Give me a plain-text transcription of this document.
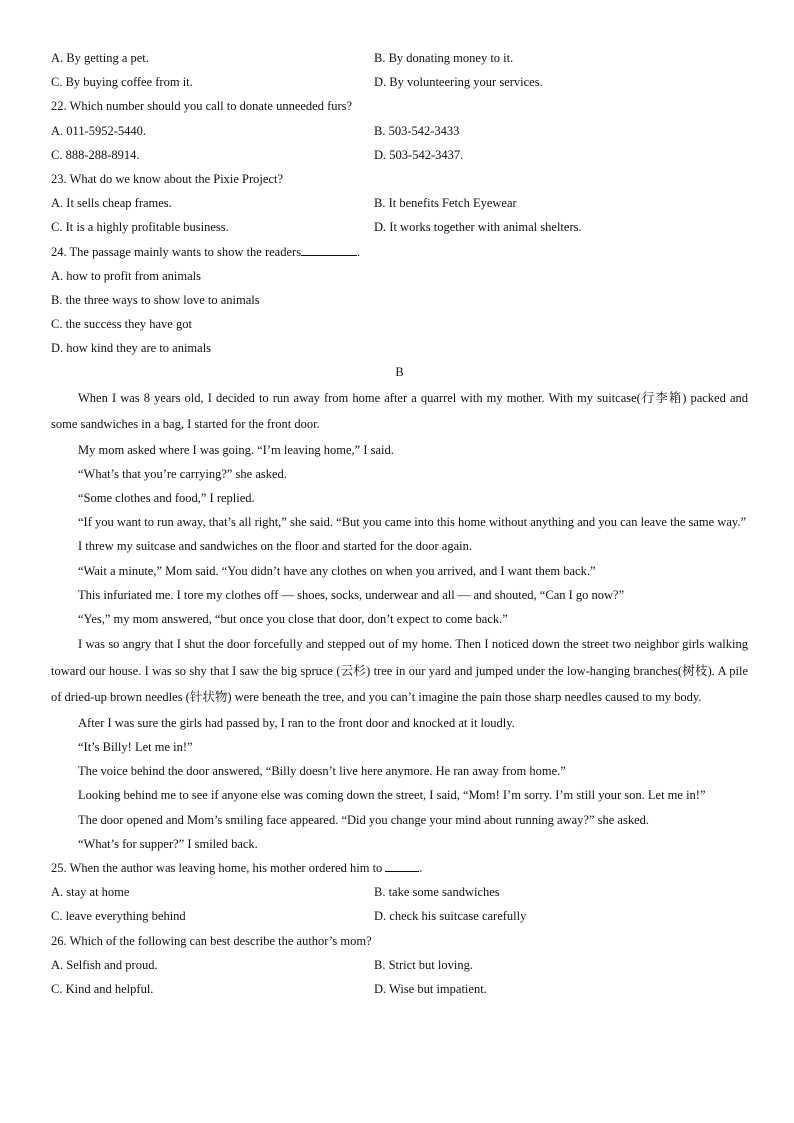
A. By getting a pet.	B. By donating money to it.
C. By buying coffee from it.	D. By volunteering your services.
22. Which number should you call to donate unneeded furs?
A. 011-5952-5440.	B. 503-542-3433
C. 888-288-8914.	D. 503-542-3437.
23. What do we know about the Pixie Project?
A. It sells cheap frames.	B. It benefits Fetch Eyewear
C. It is a highly profitable business.	D. It works together with animal shelters.
24. The passage mainly wants to show the readers	.
A. how to profit from animals
B. the three ways to show love to animals
C. the success they have got
D. how kind they are to animals
B

When I was 8 years old, I decided to run away from home after a quarrel with my mother. With my suitcase(行李箱) packed and some sandwiches in a bag, I started for the front door.

My mom asked where I was going. “I’m leaving home,” I said.

“What’s that you’re carrying?” she asked.

“Some clothes and food,” I replied.

“If you want to run away, that’s all right,” she said. “But you came into this home without anything and you can leave the same way.”

I threw my suitcase and sandwiches on the floor and started for the door again.

“Wait a minute,” Mom said. “You didn’t have any clothes on when you arrived, and I want them back.”

This infuriated me. I tore my clothes off — shoes, socks, underwear and all — and shouted, “Can I go now?”

“Yes,” my mom answered, “but once you close that door, don’t expect to come back.”

I was so angry that I shut the door forcefully and stepped out of my home. Then I noticed down the street two neighbor girls walking toward our house. I was so shy that I saw the big spruce (云杉) tree in our yard and jumped under the low-hanging branches(树枝). A pile of dried-up brown needles (针状物) were beneath the tree, and you can’t imagine the pain those sharp needles caused to my body.

After I was sure the girls had passed by, I ran to the front door and knocked at it loudly.

“It’s Billy! Let me in!”

The voice behind the door answered, “Billy doesn’t live here anymore. He ran away from home.”

Looking behind me to see if anyone else was coming down the street, I said, “Mom! I’m sorry. I’m still your son. Let me in!”

The door opened and Mom’s smiling face appeared. “Did you change your mind about running away?” she asked.

“What’s for supper?” I smiled back.

25. When the author was leaving home, his mother ordered him to	.
A. stay at home	B. take some sandwiches
C. leave everything behind	D. check his suitcase carefully
26. Which of the following can best describe the author’s mom?
A. Selfish and proud.	B. Strict but loving.
C. Kind and helpful.	D. Wise but impatient.
